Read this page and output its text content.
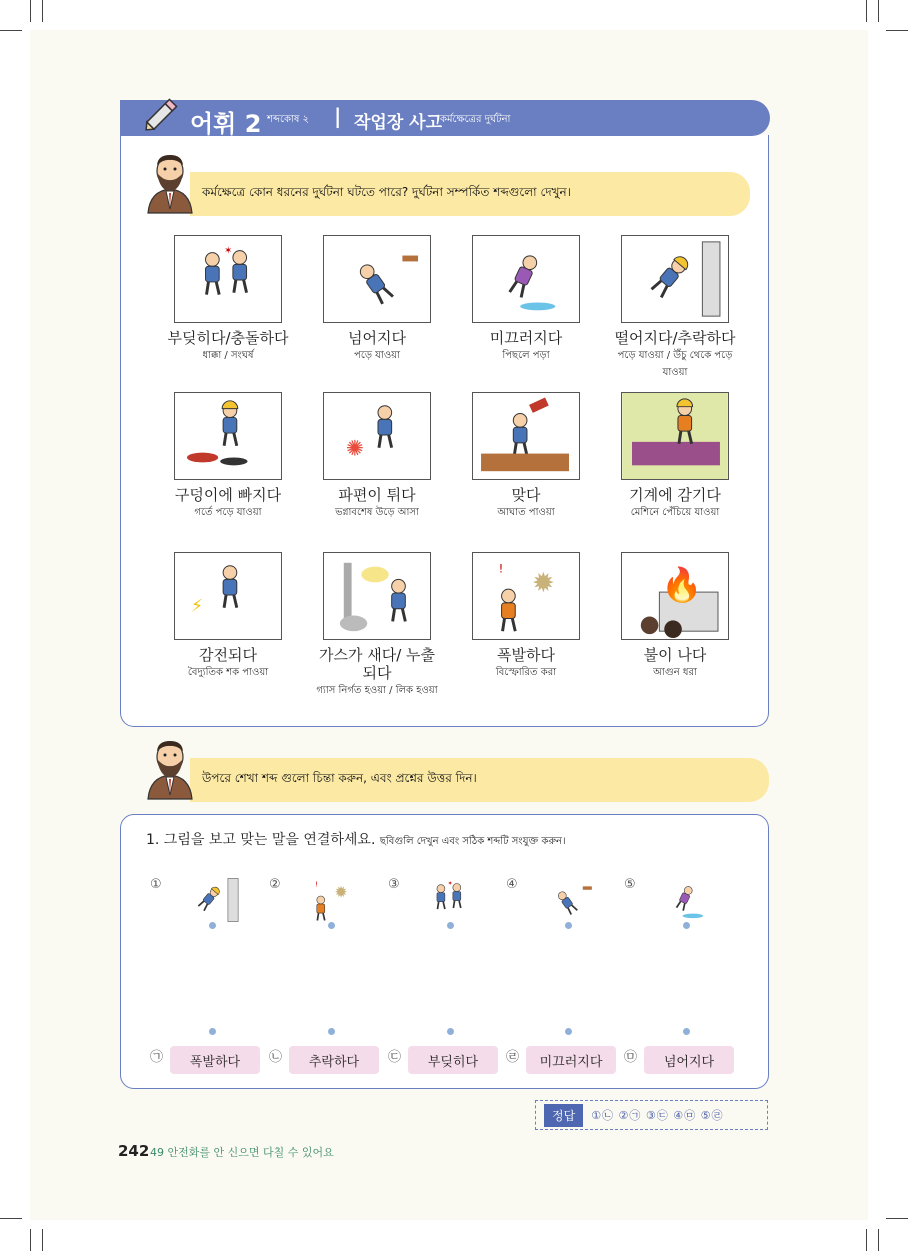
어휘 2 শব্দকোষ ২ | 작업장 사고
কর্মক্ষেত্রের দুর্ঘটনা
কর্মক্ষেত্রে কোন ধরনের দুর্ঘটনা ঘটতে পারে? দুর্ঘটনা সম্পর্কিত শব্দগুলো দেখুন।
✶
부딪히다/충돌하다
ধাক্কা / সংঘর্ষ
넘어지다
পড়ে যাওয়া
미끄러지다
পিছলে পড়া
떨어지다/추락하다
পড়ে যাওয়া / উঁচু থেকে পড়ে যাওয়া
구덩이에 빠지다
গর্তে পড়ে যাওয়া
✺
파편이 튀다
ভগ্নাবশেষ উড়ে আসা
맞다
আঘাত পাওয়া
기계에 감기다
মেশিনে পেঁচিয়ে যাওয়া
⚡
감전되다
বৈদ্যুতিক শক পাওয়া
가스가 새다/ 누출되다
গ্যাস নির্গত হওয়া / লিক হওয়া
✹
!
폭발하다
বিস্ফোরিত করা
🔥
불이 나다
আগুন ধরা
উপরে শেখা শব্দ গুলো চিন্তা করুন, এবং প্রশ্নের উত্তর দিন।
1. 그림을 보고 맞는 말을 연결하세요. ছবিগুলি দেখুন এবং সঠিক শব্দটি সংযুক্ত করুন।
①	② ✹
!	③	✶	④	⑤
㉠	폭발하다	㉡	추락하다	㉢	부딪히다	㉣	미끄러지다	㉤	넘어지다
정답	①㉡ ②㉠ ③㉢ ④㉤ ⑤㉣
242 49 안전화를 안 신으면 다칠 수 있어요
